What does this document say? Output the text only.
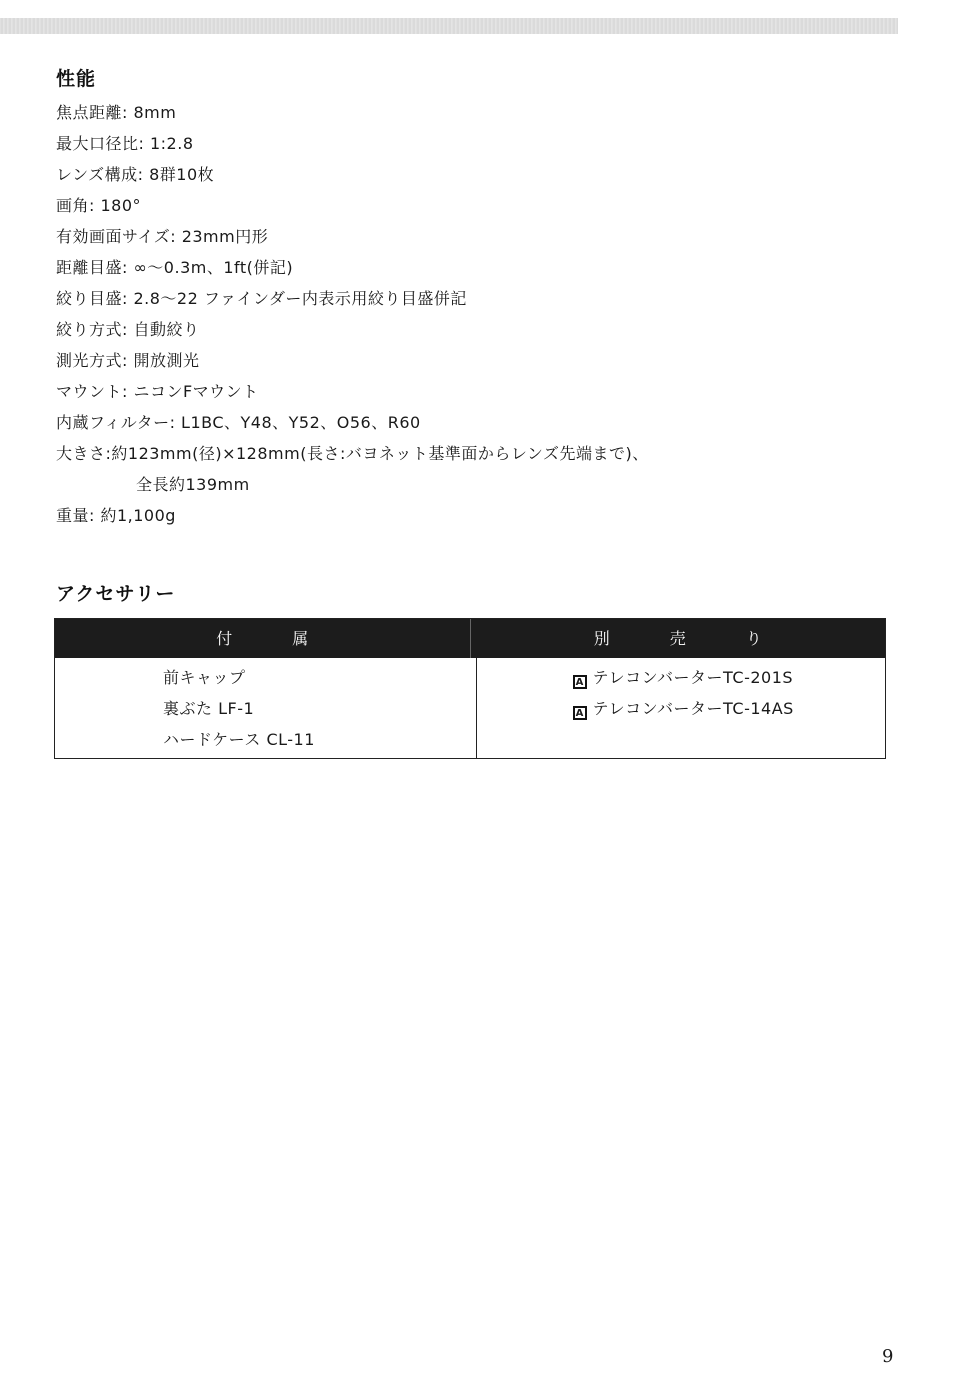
性能
焦点距離: 8mm
最大口径比: 1:2.8
レンズ構成: 8群10枚
画角: 180°
有効画面サイズ: 23mm円形
距離目盛: ∞〜0.3m、1ft(併記)
絞り目盛: 2.8〜22 ファインダー内表示用絞り目盛併記
絞り方式: 自動絞り
測光方式: 開放測光
マウント: ニコンFマウント
内蔵フィルター: L1BC、Y48、Y52、O56、R60
大きさ:約123mm(径)×128mm(長さ:バヨネット基準面からレンズ先端まで)、
全長約139mm
重量: 約1,100g
アクセサリー
付属	別売り
前キャップ
裏ぶた LF-1
ハードケース CL-11
A テレコンバーターTC-201S
A テレコンバーターTC-14AS
9
